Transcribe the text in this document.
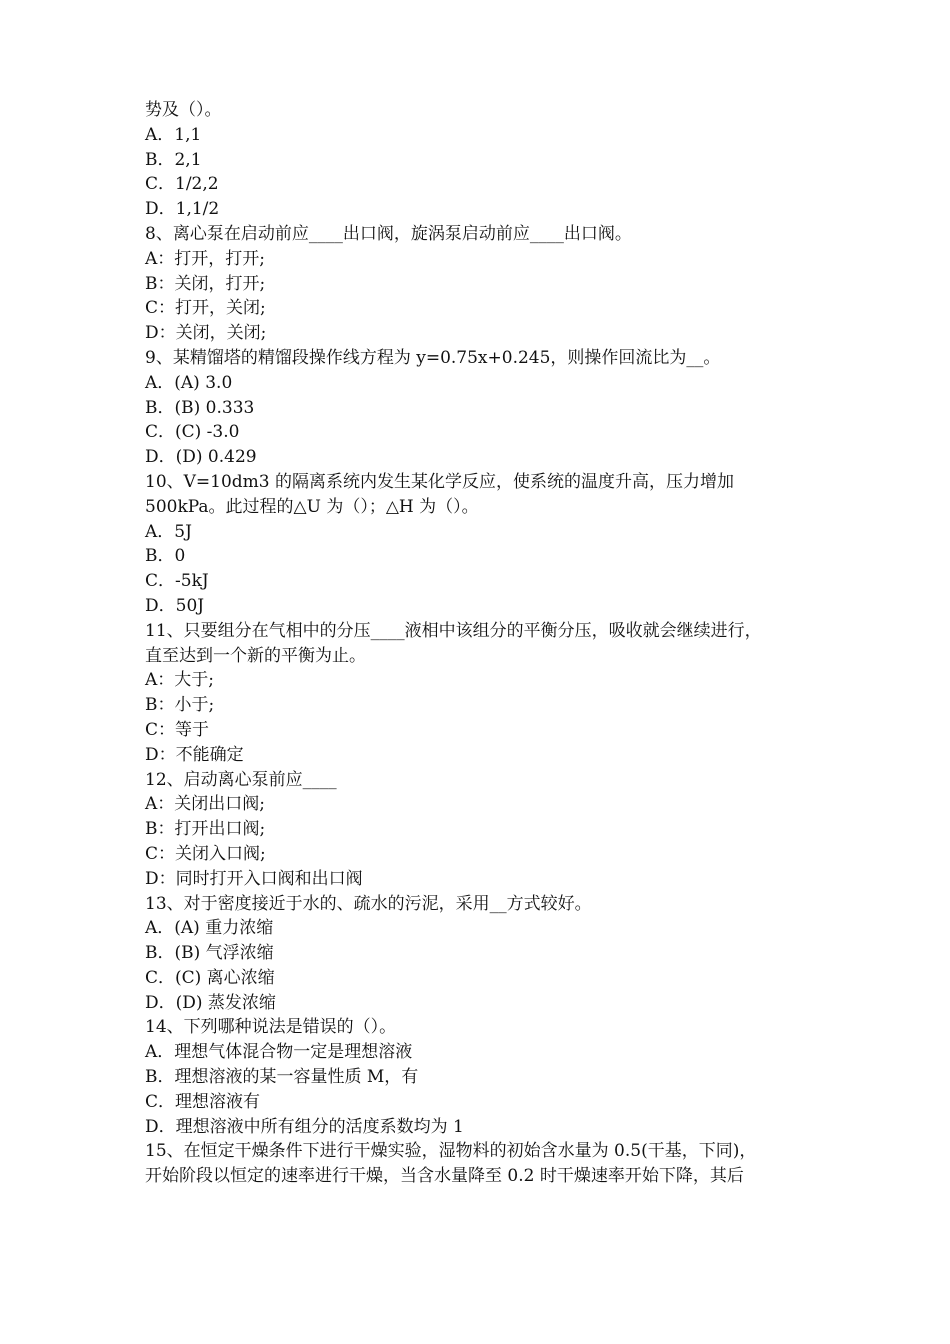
势及（）。
A．1,1
B．2,1
C．1/2,2
D．1,1/2
8、离心泵在启动前应____出口阀，旋涡泵启动前应____出口阀。
A：打开，打开;
B：关闭，打开;
C：打开，关闭;
D：关闭，关闭;
9、某精馏塔的精馏段操作线方程为 y=0.75x+0.245，则操作回流比为__。
A．(A) 3.0
B．(B) 0.333
C．(C) -3.0
D．(D) 0.429
10、V=10dm3 的隔离系统内发生某化学反应，使系统的温度升高，压力增加
500kPa。此过程的△U 为（）；△H 为（）。
A．5J
B．0
C．-5kJ
D．50J
11、只要组分在气相中的分压____液相中该组分的平衡分压，吸收就会继续进行，
直至达到一个新的平衡为止。
A：大于;
B：小于;
C：等于
D：不能确定
12、启动离心泵前应____
A：关闭出口阀;
B：打开出口阀;
C：关闭入口阀;
D：同时打开入口阀和出口阀
13、对于密度接近于水的、疏水的污泥，采用__方式较好。
A．(A) 重力浓缩
B．(B) 气浮浓缩
C．(C) 离心浓缩
D．(D) 蒸发浓缩
14、下列哪种说法是错误的（）。
A．理想气体混合物一定是理想溶液
B．理想溶液的某一容量性质 M，有
C．理想溶液有
D．理想溶液中所有组分的活度系数均为 1
15、在恒定干燥条件下进行干燥实验，湿物料的初始含水量为 0.5(干基，下同)，
开始阶段以恒定的速率进行干燥，当含水量降至 0.2 时干燥速率开始下降，其后
